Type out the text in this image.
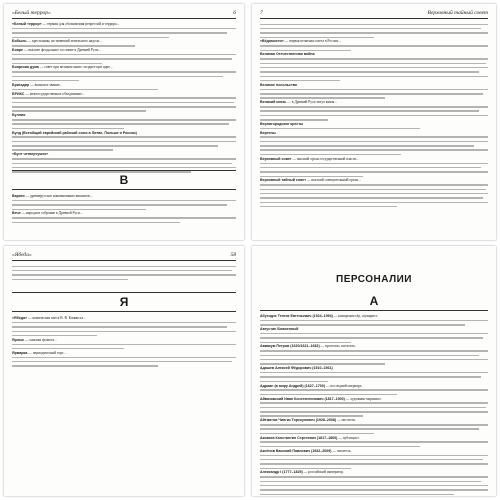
«Белый террор»	6

«Белый террор» — термин для обозначения репрессий и террора...

Бобыль — крестьянин, не имевший земельного надела...

Бояре — высшее феодальное сословие в Древней Руси...

Боярская дума — совет при великом князе, позднее при царе...

Бригадир — воинское звание...

БРИКС — межгосударственное объединение...

Буллия

Бунд (Всеобщий еврейский рабочий союз в Литве, Польше и России)

«Бунт четвертушек»

В

Варяги — древнерусское наименование викингов...

Вече — народное собрание в Древней Руси...

7	Верховный тайный совет

«Вёдомости» — первая печатная газета в России...

Великая Отечественная война

Великое посольство

Великий князь — в Древней Руси титул князя...

Вернигородские кресты

Вертепы

Верховный совет — высший орган государственной власти...

Верховный тайный совет — высший совещательный орган...

«Ябеда»	58
Я

«Ябеда» — комическая пьеса В. В. Капниста...

Ярлык — ханская грамота...

Ярмарка — периодический торг...

ПЕРСОНАЛИИ
А

Абутидзе Тенгиз Евгеньевич (1924–1994) — кинорежиссёр, сценарист.

Августин Блаженный

Аввакум Петров (1620/1621–1682) — протопоп, писатель.

Адашев Алексей Фёдорович (1510–1561)

Адриан (в миру Андрей) (1627–1700) — последний патриарх.

Айвазовский Иван Константинович (1817–1900) — художник-маринист.

Айтматов Чингиз Торекулович (1928–2008) — писатель.

Аксаков Константин Сергеевич (1817–1860) — публицист.

Аксёнов Василий Павлович (1932–2009) — писатель.

Александр I (1777–1825) — российский император.
